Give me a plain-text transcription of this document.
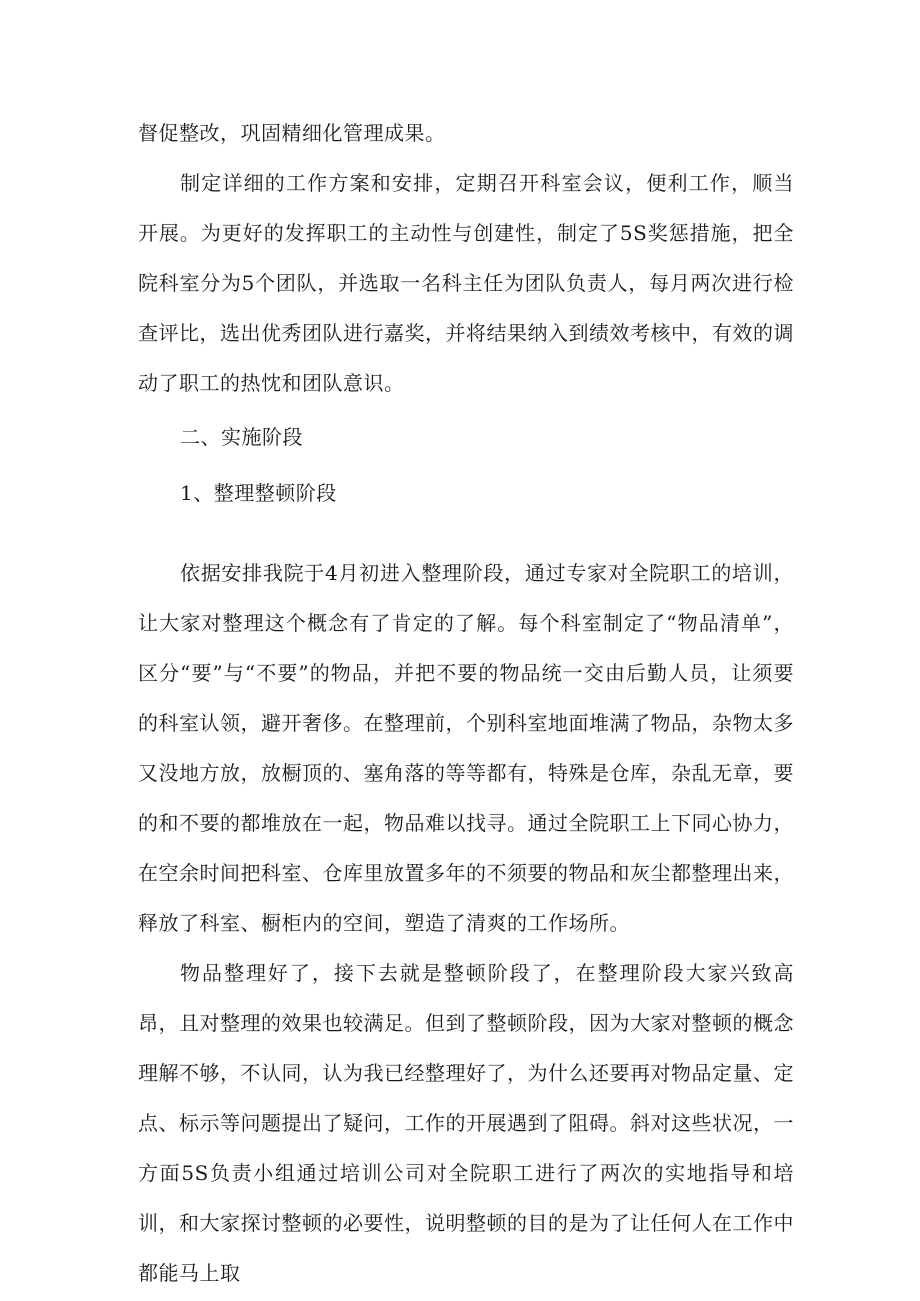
督促整改，巩固精细化管理成果。

制定详细的工作方案和安排，定期召开科室会议，便利工作，顺当开展。为更好的发挥职工的主动性与创建性，制定了5S奖惩措施，把全院科室分为5个团队，并选取一名科主任为团队负责人，每月两次进行检查评比，选出优秀团队进行嘉奖，并将结果纳入到绩效考核中，有效的调动了职工的热忱和团队意识。

二、实施阶段

1、整理整顿阶段

依据安排我院于4月初进入整理阶段，通过专家对全院职工的培训，让大家对整理这个概念有了肯定的了解。每个科室制定了“物品清单”，区分“要”与“不要”的物品，并把不要的物品统一交由后勤人员，让须要的科室认领，避开奢侈。在整理前，个别科室地面堆满了物品，杂物太多又没地方放，放橱顶的、塞角落的等等都有，特殊是仓库，杂乱无章，要的和不要的都堆放在一起，物品难以找寻。通过全院职工上下同心协力，在空余时间把科室、仓库里放置多年的不须要的物品和灰尘都整理出来，释放了科室、橱柜内的空间，塑造了清爽的工作场所。

物品整理好了，接下去就是整顿阶段了，在整理阶段大家兴致高昂，且对整理的效果也较满足。但到了整顿阶段，因为大家对整顿的概念理解不够，不认同，认为我已经整理好了，为什么还要再对物品定量、定点、标示等问题提出了疑问，工作的开展遇到了阻碍。斜对这些状况，一方面5S负责小组通过培训公司对全院职工进行了两次的实地指导和培训，和大家探讨整顿的必要性，说明整顿的目的是为了让任何人在工作中都能马上取
